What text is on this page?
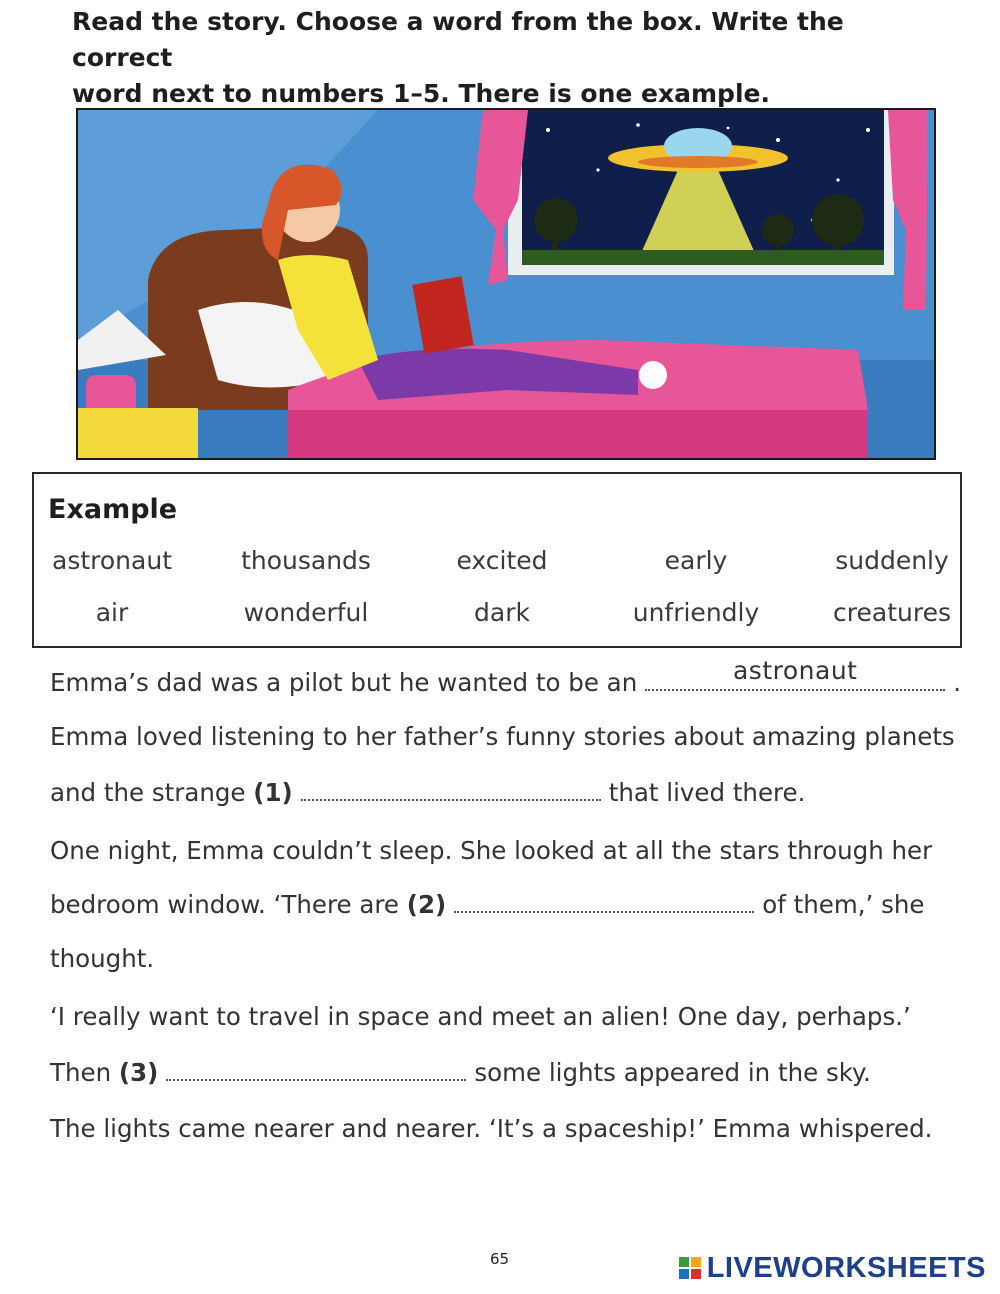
Read the story. Choose a word from the box. Write the correct
word next to numbers 1–5. There is one example.
Example
astronaut	thousands	excited	early	suddenly
air	wonderful	dark	unfriendly	creatures
Emma’s dad was a pilot but he wanted to be an	astronaut	.
Emma loved listening to her father’s funny stories about amazing planets
and the strange (1)	that lived there.
One night, Emma couldn’t sleep. She looked at all the stars through her
bedroom window. ‘There are (2)	of them,’ she
thought.
‘I really want to travel in space and meet an alien! One day, perhaps.’
Then (3)	some lights appeared in the sky.
The lights came nearer and nearer. ‘It’s a spaceship!’ Emma whispered.
65	LIVEWORKSHEETS
